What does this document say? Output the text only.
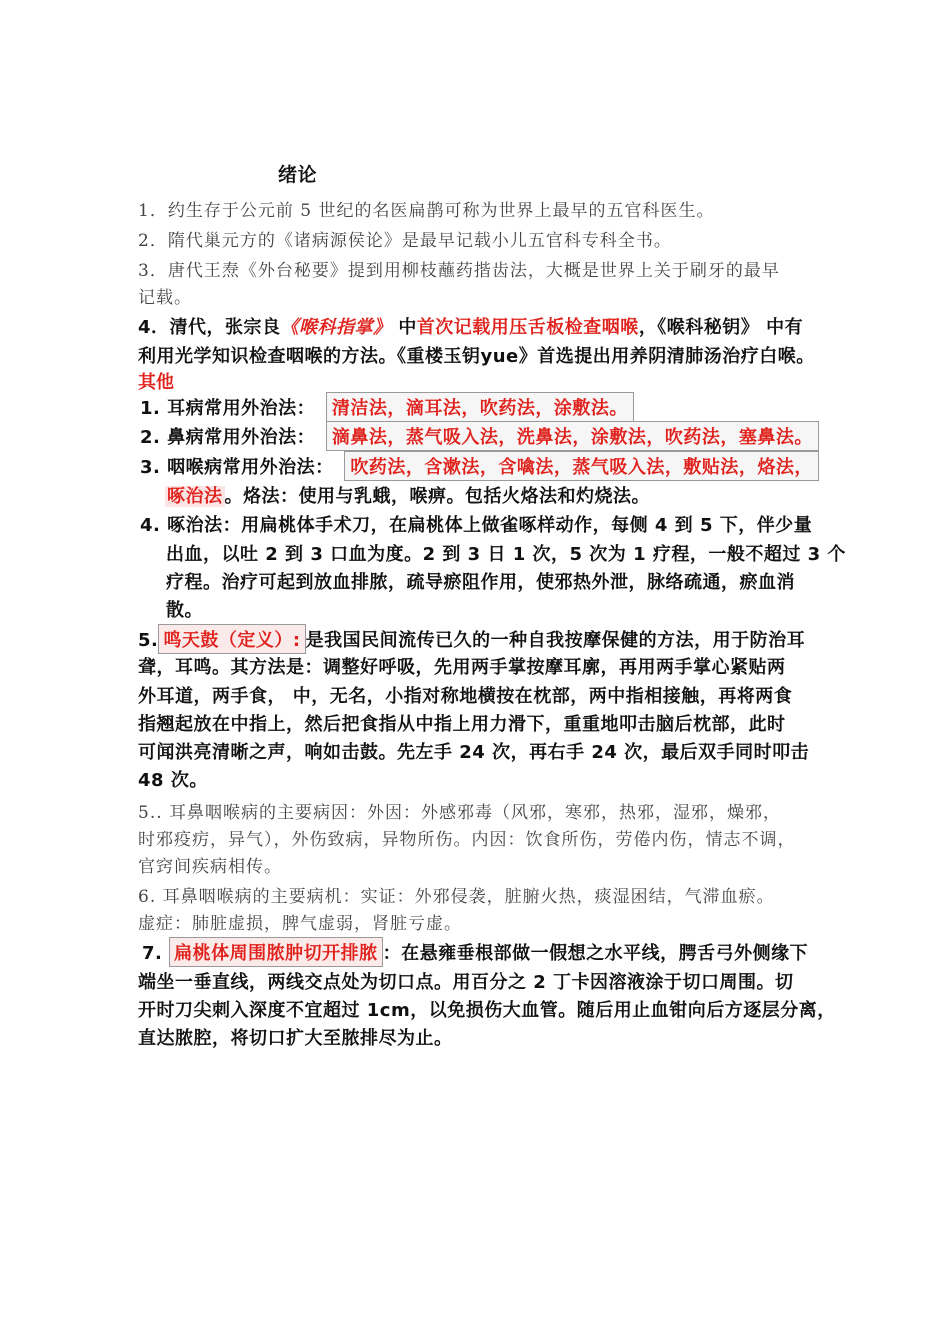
绪论
1．约生存于公元前 5 世纪的名医扁鹊可称为世界上最早的五官科医生。
2．隋代巢元方的《诸病源侯论》是最早记载小儿五官科专科全书。
3．唐代王焘《外台秘要》提到用柳枝蘸药揩齿法，大概是世界上关于刷牙的最早
记载。
4．清代，张宗良《喉科指掌》 中首次记载用压舌板检查咽喉，《喉科秘钥》 中有
利用光学知识检查咽喉的方法。《重楼玉钥yue》首选提出用养阴清肺汤治疗白喉。
其他
1. 耳病常用外治法： 清洁法，滴耳法，吹药法，涂敷法。
2. 鼻病常用外治法： 滴鼻法，蒸气吸入法，洗鼻法，涂敷法，吹药法，塞鼻法。
3. 咽喉病常用外治法： 吹药法，含漱法，含噙法，蒸气吸入法，敷贴法，烙法，
啄治法 。烙法：使用与乳蛾，喉痹。包括火烙法和灼烧法。
4. 啄治法：用扁桃体手术刀，在扁桃体上做雀啄样动作，每侧 4 到 5 下，伴少量
出血，以吐 2 到 3 口血为度。2 到 3 日 1 次，5 次为 1 疗程，一般不超过 3 个
疗程。治疗可起到放血排脓，疏导瘀阻作用，使邪热外泄，脉络疏通，瘀血消
散。
5. 鸣天鼓（定义）: 是我国民间流传已久的一种自我按摩保健的方法，用于防治耳
聋，耳鸣。其方法是：调整好呼吸，先用两手掌按摩耳廓，再用两手掌心紧贴两
外耳道，两手食， 中，无名，小指对称地横按在枕部，两中指相接触，再将两食
指翘起放在中指上，然后把食指从中指上用力滑下，重重地叩击脑后枕部，此时
可闻洪亮清晰之声，响如击鼓。先左手 24 次，再右手 24 次，最后双手同时叩击
48 次。
5.. 耳鼻咽喉病的主要病因：外因：外感邪毒（风邪，寒邪，热邪，湿邪，燥邪，
时邪疫疠，异气），外伤致病，异物所伤。内因：饮食所伤，劳倦内伤，情志不调，
官窍间疾病相传。
6. 耳鼻咽喉病的主要病机：实证：外邪侵袭，脏腑火热，痰湿困结，气滞血瘀。
虚症：肺脏虚损，脾气虚弱，肾脏亏虚。
7. 扁桃体周围脓肿切开排脓 ：在悬雍垂根部做一假想之水平线，腭舌弓外侧缘下
端坐一垂直线，两线交点处为切口点。用百分之 2 丁卡因溶液涂于切口周围。切
开时刀尖刺入深度不宜超过 1cm，以免损伤大血管。随后用止血钳向后方逐层分离，
直达脓腔，将切口扩大至脓排尽为止。
